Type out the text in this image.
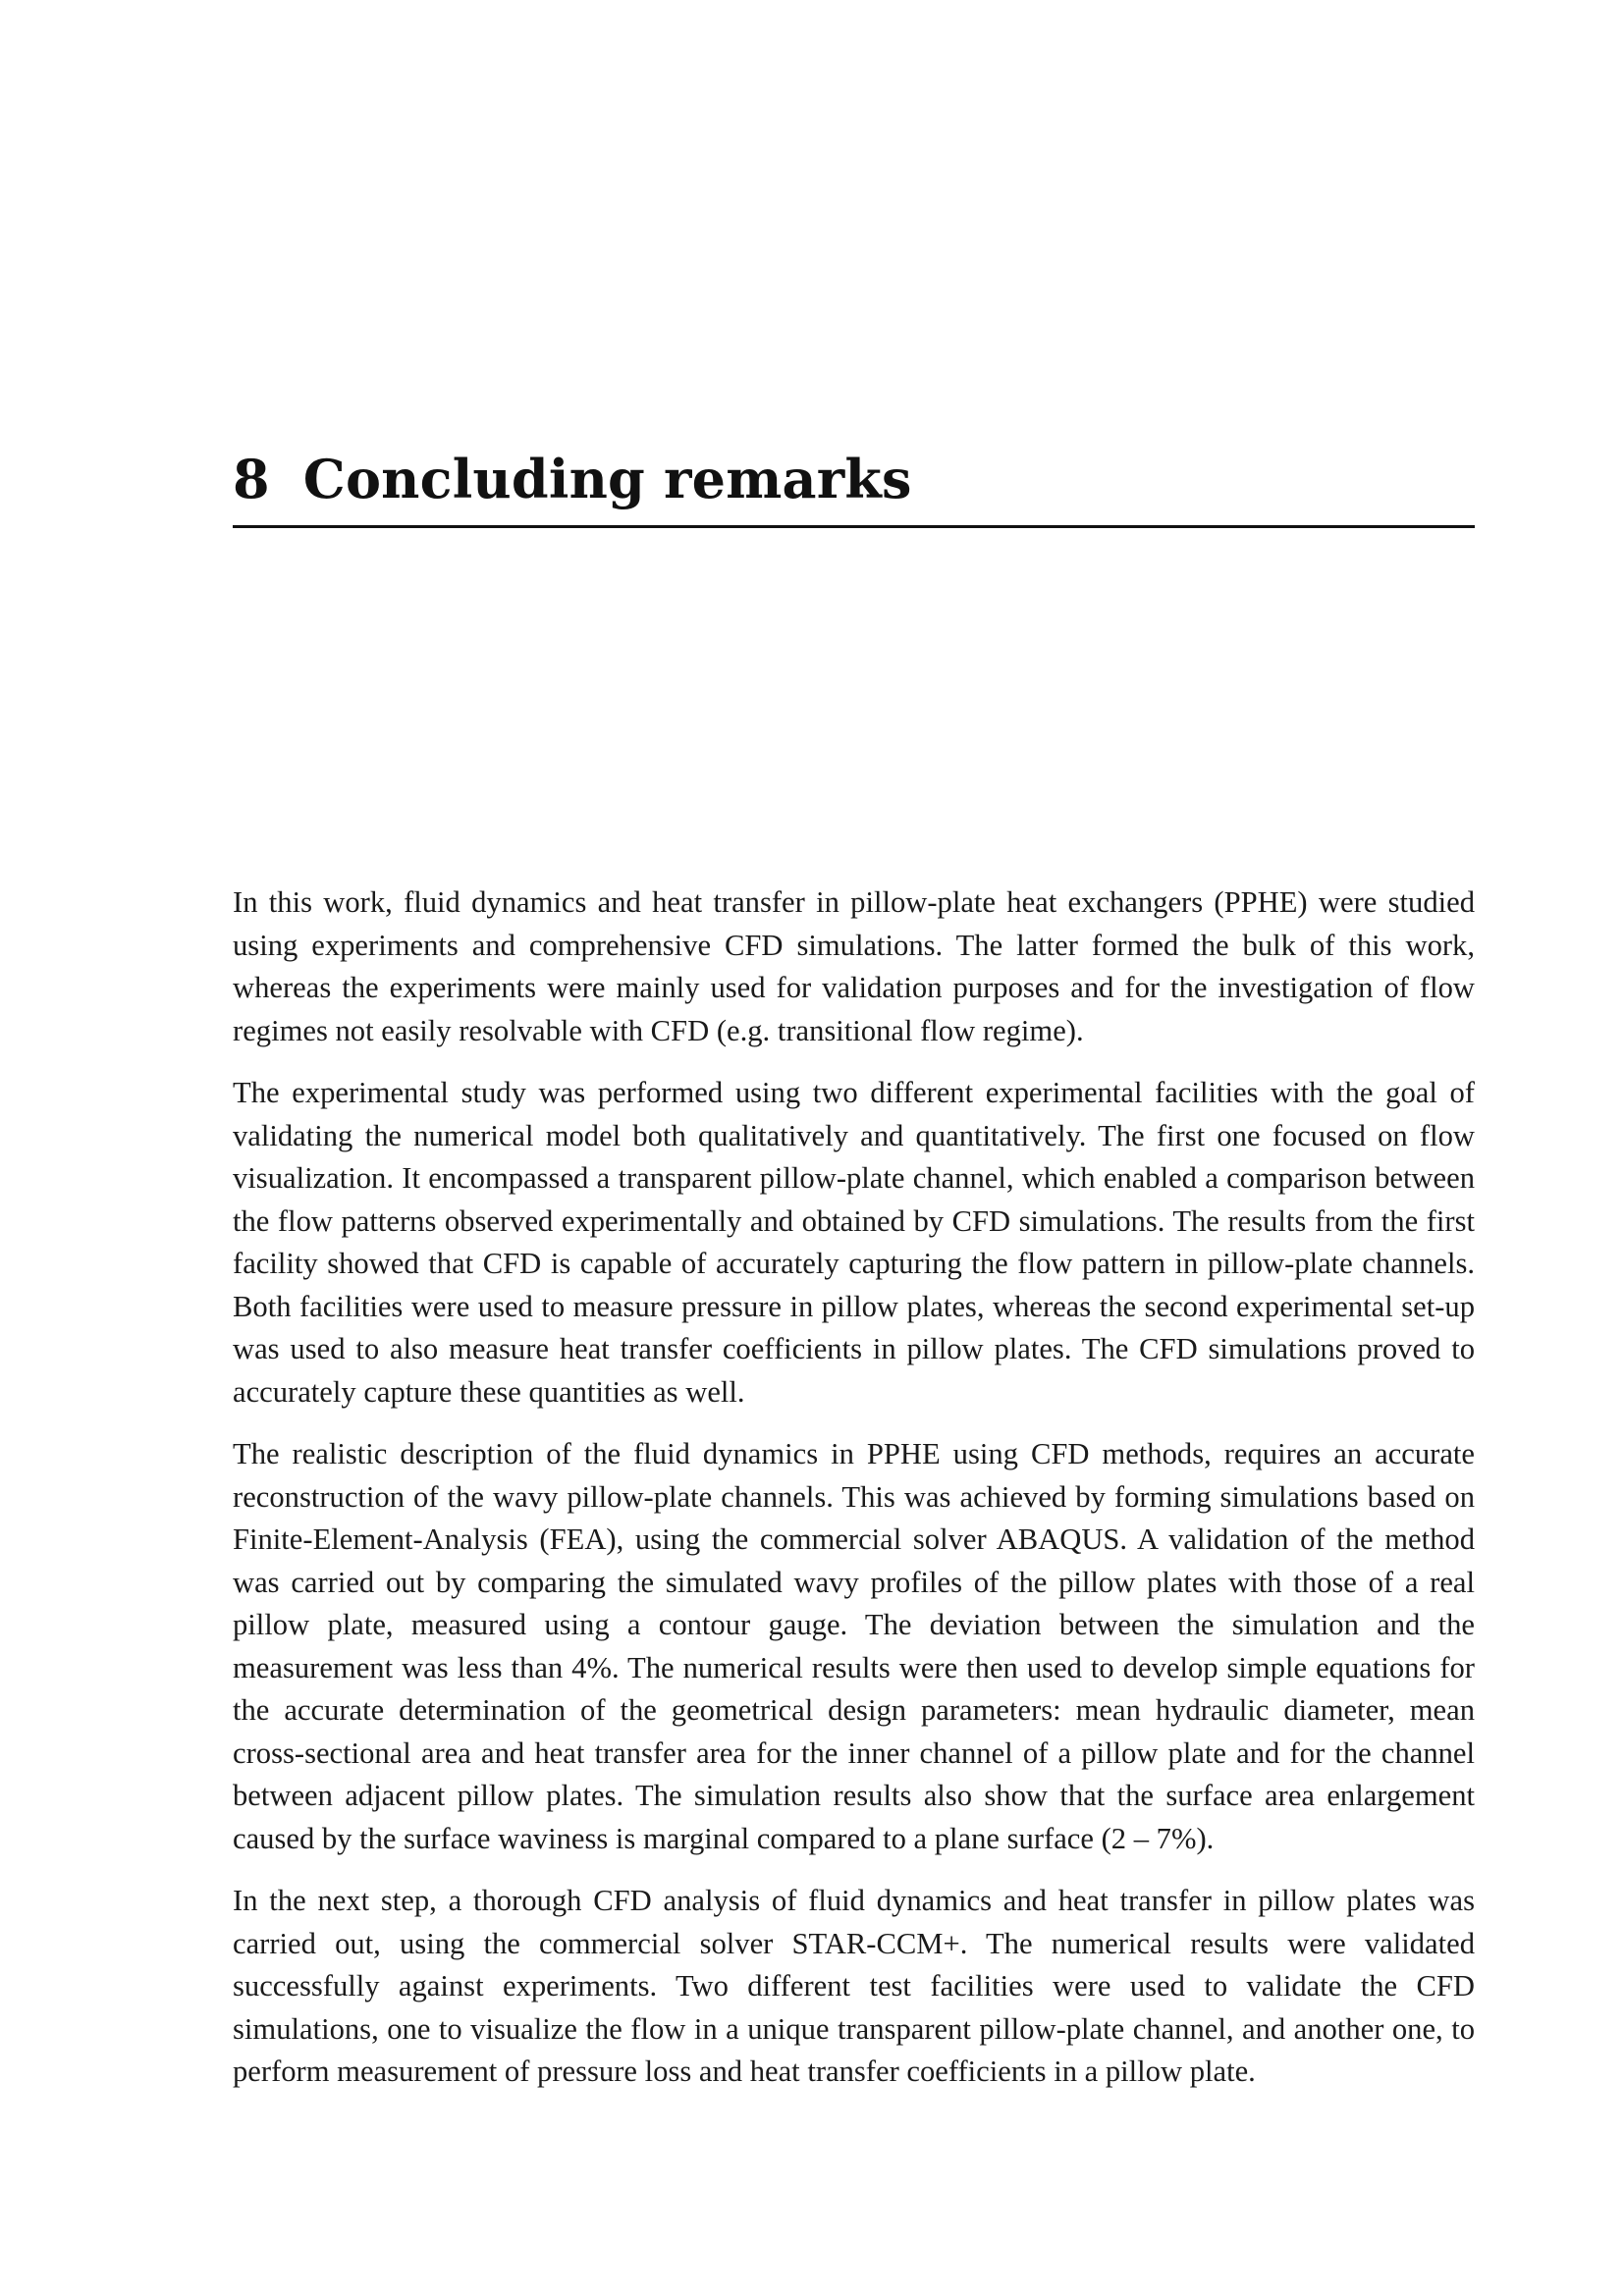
8 Concluding remarks

In this work, fluid dynamics and heat transfer in pillow-plate heat exchangers (PPHE) were studied using experiments and comprehensive CFD simulations. The latter formed the bulk of this work, whereas the experiments were mainly used for validation purposes and for the investigation of flow regimes not easily resolvable with CFD (e.g. transitional flow regime).

The experimental study was performed using two different experimental facilities with the goal of validating the numerical model both qualitatively and quantitatively. The first one focused on flow visualization. It encompassed a transparent pillow-plate channel, which enabled a comparison between the flow patterns observed experimentally and obtained by CFD simulations. The results from the first facility showed that CFD is capable of accurately capturing the flow pattern in pillow-plate channels. Both facilities were used to measure pressure in pillow plates, whereas the second experimental set-up was used to also measure heat transfer coefficients in pillow plates. The CFD simulations proved to accurately capture these quantities as well.

The realistic description of the fluid dynamics in PPHE using CFD methods, requires an accurate reconstruction of the wavy pillow-plate channels. This was achieved by forming simulations based on Finite-Element-Analysis (FEA), using the commercial solver ABAQUS. A validation of the method was carried out by comparing the simulated wavy profiles of the pillow plates with those of a real pillow plate, measured using a contour gauge. The deviation between the simulation and the measurement was less than 4%. The numerical results were then used to develop simple equations for the accurate determination of the geometrical design parameters: mean hydraulic diameter, mean cross-sectional area and heat transfer area for the inner channel of a pillow plate and for the channel between adjacent pillow plates. The simulation results also show that the surface area enlargement caused by the surface waviness is marginal compared to a plane surface (2 – 7%).

In the next step, a thorough CFD analysis of fluid dynamics and heat transfer in pillow plates was carried out, using the commercial solver STAR-CCM+. The numerical results were validated successfully against experiments. Two different test facilities were used to validate the CFD simulations, one to visualize the flow in a unique transparent pillow-plate channel, and another one, to perform measurement of pressure loss and heat transfer coefficients in a pillow plate.
